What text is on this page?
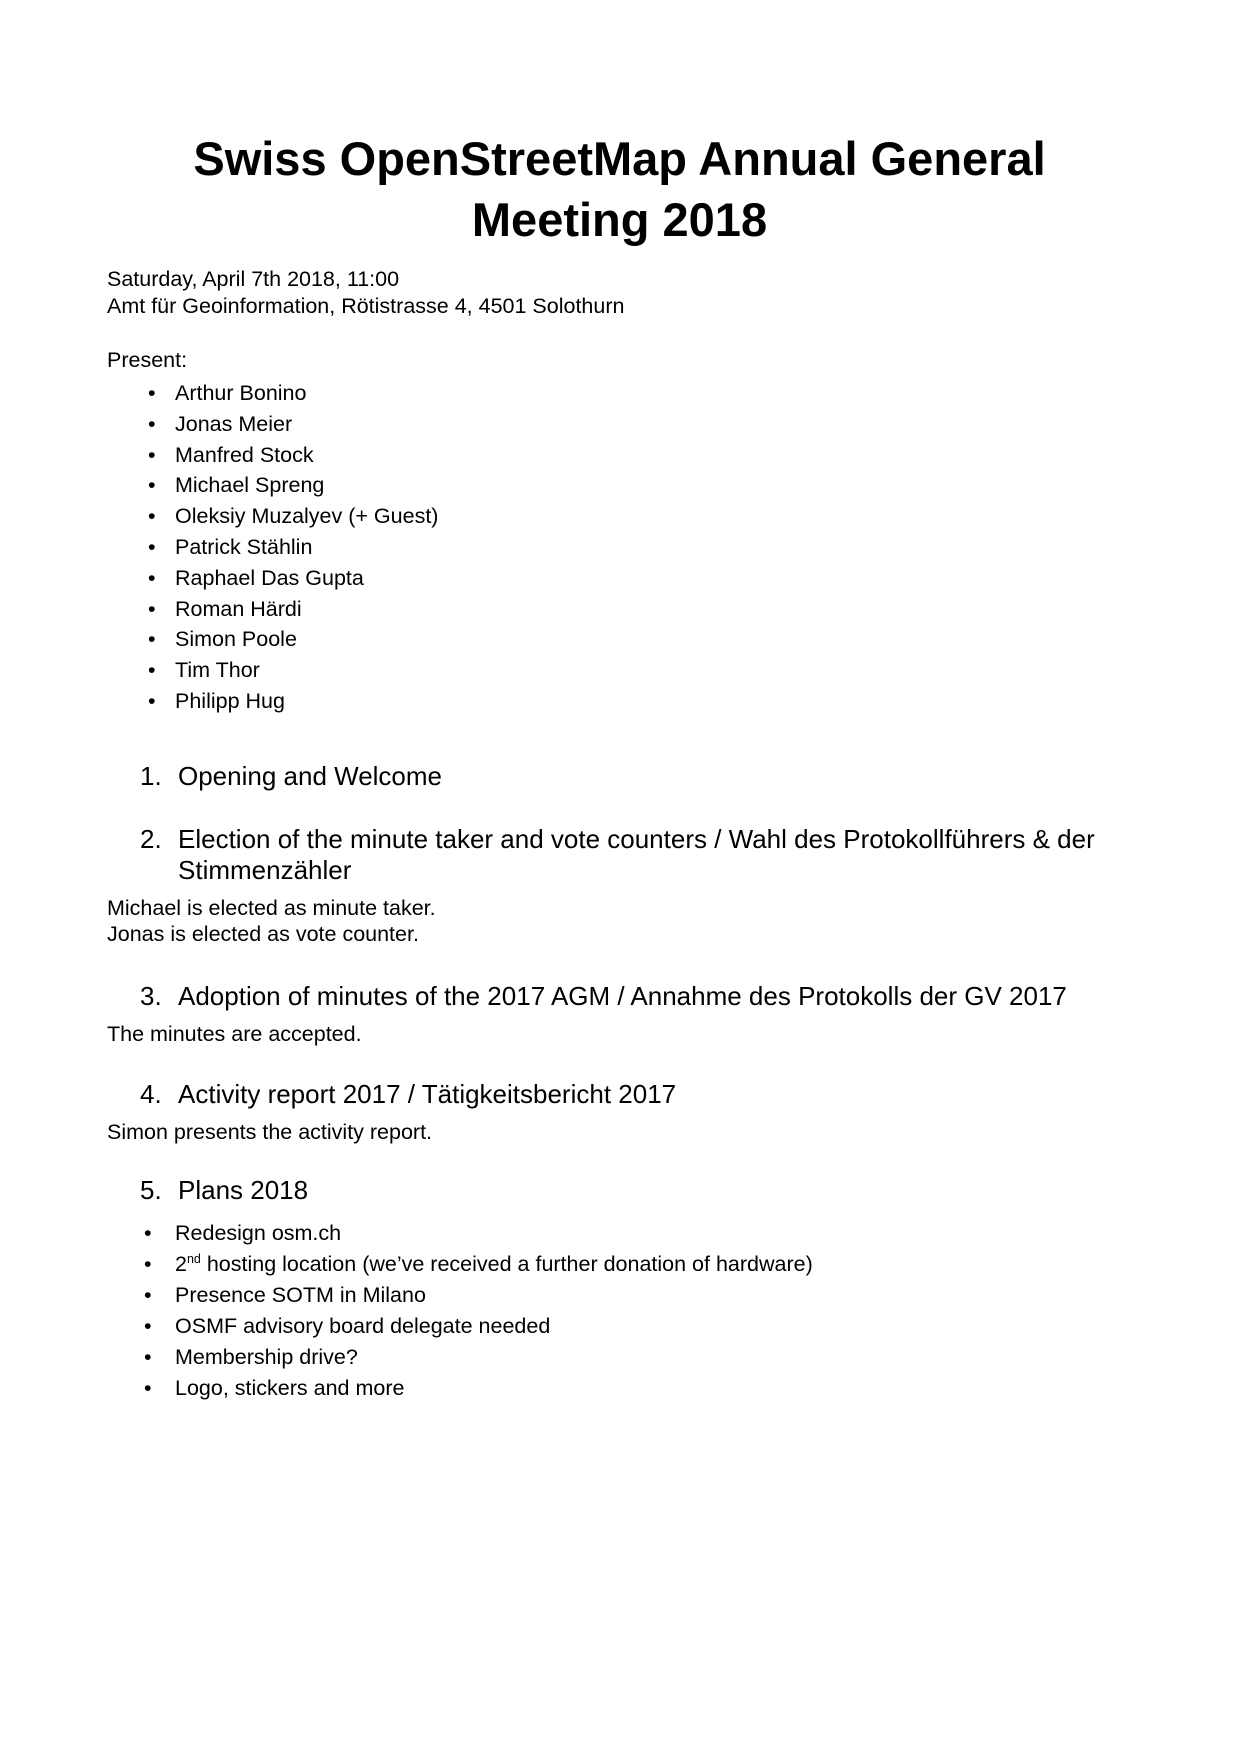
Swiss OpenStreetMap Annual General Meeting 2018
Saturday, April 7th 2018, 11:00
Amt für Geoinformation, Rötistrasse 4, 4501 Solothurn
Present:
• Arthur Bonino
• Jonas Meier
• Manfred Stock
• Michael Spreng
• Oleksiy Muzalyev (+ Guest)
• Patrick Stählin
• Raphael Das Gupta
• Roman Härdi
• Simon Poole
• Tim Thor
• Philipp Hug
1. Opening and Welcome
2. Election of the minute taker and vote counters / Wahl des Protokollführers & der Stimmenzähler

Michael is elected as minute taker.

Jonas is elected as vote counter.

3. Adoption of minutes of the 2017 AGM / Annahme des Protokolls der GV 2017

The minutes are accepted.

4. Activity report 2017 / Tätigkeitsbericht 2017

Simon presents the activity report.

5. Plans 2018
• Redesign osm.ch
• 2nd hosting location (we’ve received a further donation of hardware)
• Presence SOTM in Milano
• OSMF advisory board delegate needed
• Membership drive?
• Logo, stickers and more
